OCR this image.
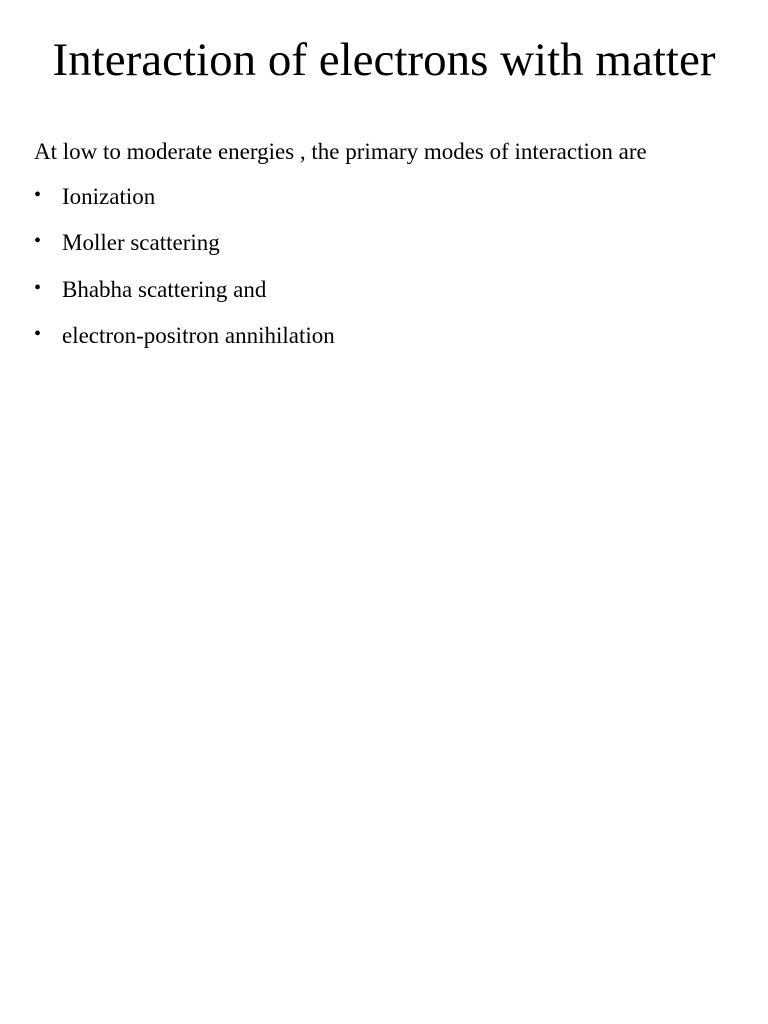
Interaction of electrons with matter

At low to moderate energies , the primary modes of interaction are

• Ionization
• Moller scattering
• Bhabha scattering and
• electron-positron annihilation
